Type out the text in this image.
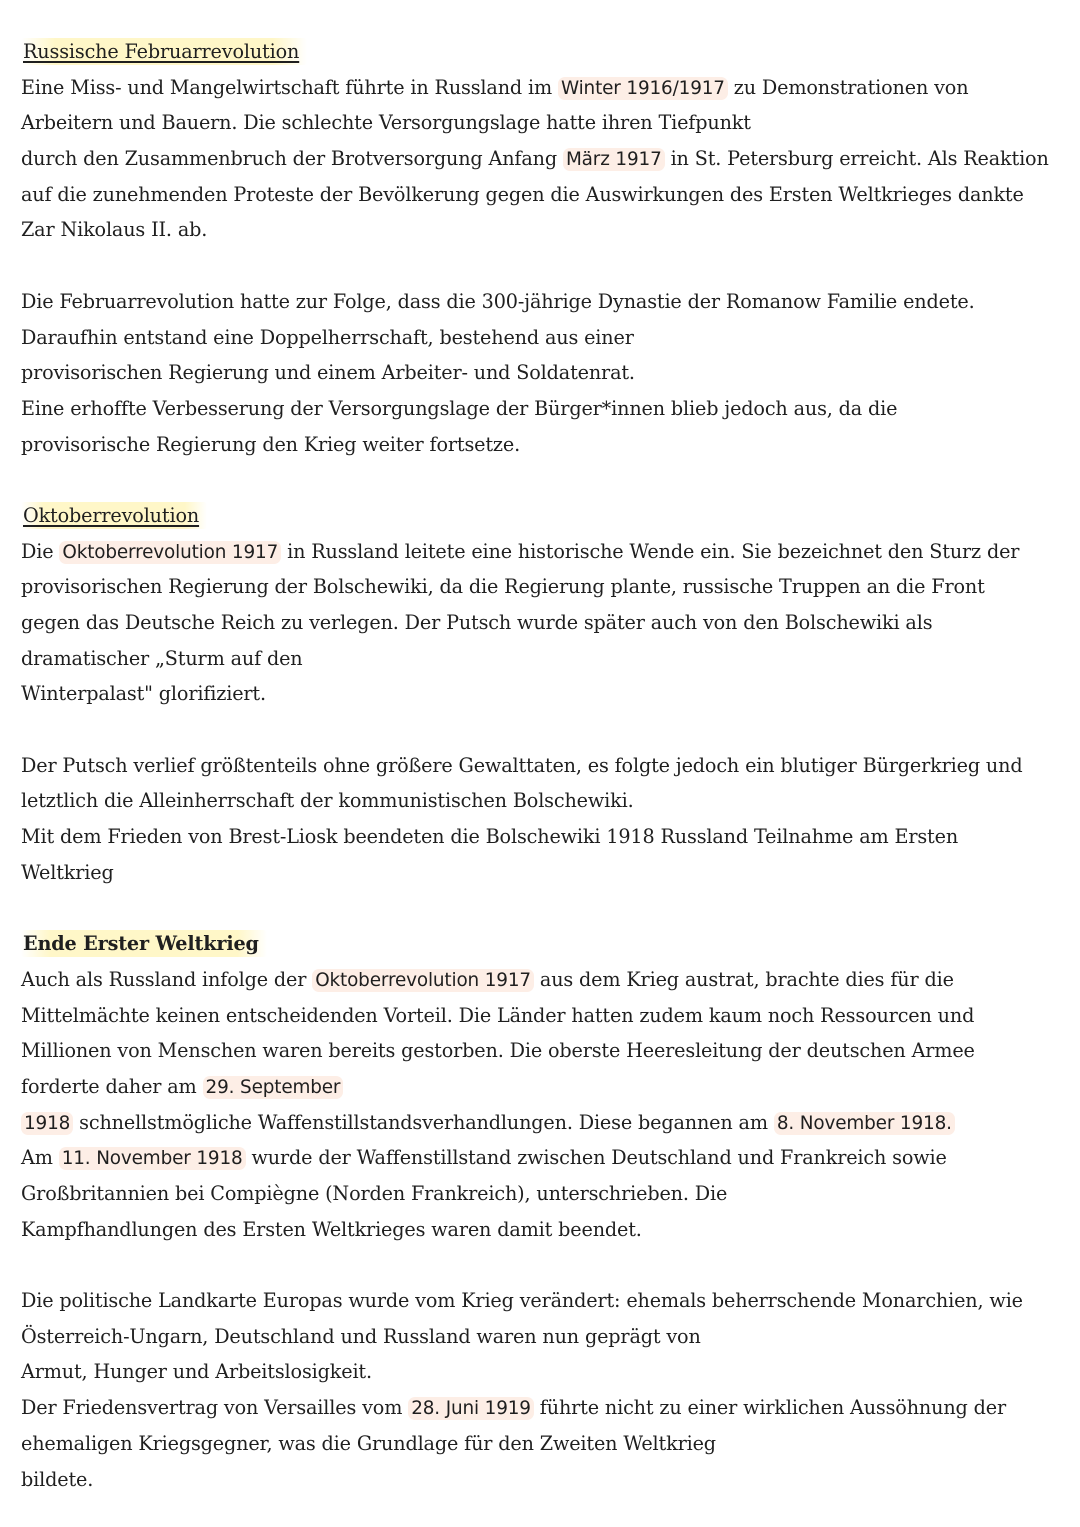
Russische Februarrevolution
Eine Miss- und Mangelwirtschaft führte in Russland im Winter 1916/1917 zu Demonstrationen von
Arbeitern und Bauern. Die schlechte Versorgungslage hatte ihren Tiefpunkt
durch den Zusammenbruch der Brotversorgung Anfang März 1917 in St. Petersburg erreicht. Als Reaktion
auf die zunehmenden Proteste der Bevölkerung gegen die Auswirkungen des Ersten Weltkrieges dankte
Zar Nikolaus II. ab.
Die Februarrevolution hatte zur Folge, dass die 300-jährige Dynastie der Romanow Familie endete.
Daraufhin entstand eine Doppelherrschaft, bestehend aus einer
provisorischen Regierung und einem Arbeiter- und Soldatenrat.
Eine erhoffte Verbesserung der Versorgungslage der Bürger*innen blieb jedoch aus, da die
provisorische Regierung den Krieg weiter fortsetze.
Oktoberrevolution
Die Oktoberrevolution 1917 in Russland leitete eine historische Wende ein. Sie bezeichnet den Sturz der
provisorischen Regierung der Bolschewiki, da die Regierung plante, russische Truppen an die Front
gegen das Deutsche Reich zu verlegen. Der Putsch wurde später auch von den Bolschewiki als
dramatischer „Sturm auf den
Winterpalast" glorifiziert.
Der Putsch verlief größtenteils ohne größere Gewalttaten, es folgte jedoch ein blutiger Bürgerkrieg und
letztlich die Alleinherrschaft der kommunistischen Bolschewiki.
Mit dem Frieden von Brest-Liosk beendeten die Bolschewiki 1918 Russland Teilnahme am Ersten
Weltkrieg
Ende Erster Weltkrieg
Auch als Russland infolge der Oktoberrevolution 1917 aus dem Krieg austrat, brachte dies für die
Mittelmächte keinen entscheidenden Vorteil. Die Länder hatten zudem kaum noch Ressourcen und
Millionen von Menschen waren bereits gestorben. Die oberste Heeresleitung der deutschen Armee
forderte daher am 29. September
1918 schnellstmögliche Waffenstillstandsverhandlungen. Diese begannen am 8. November 1918.
Am 11. November 1918 wurde der Waffenstillstand zwischen Deutschland und Frankreich sowie
Großbritannien bei Compiègne (Norden Frankreich), unterschrieben. Die
Kampfhandlungen des Ersten Weltkrieges waren damit beendet.
Die politische Landkarte Europas wurde vom Krieg verändert: ehemals beherrschende Monarchien, wie
Österreich-Ungarn, Deutschland und Russland waren nun geprägt von
Armut, Hunger und Arbeitslosigkeit.
Der Friedensvertrag von Versailles vom 28. Juni 1919 führte nicht zu einer wirklichen Aussöhnung der
ehemaligen Kriegsgegner, was die Grundlage für den Zweiten Weltkrieg
bildete.
